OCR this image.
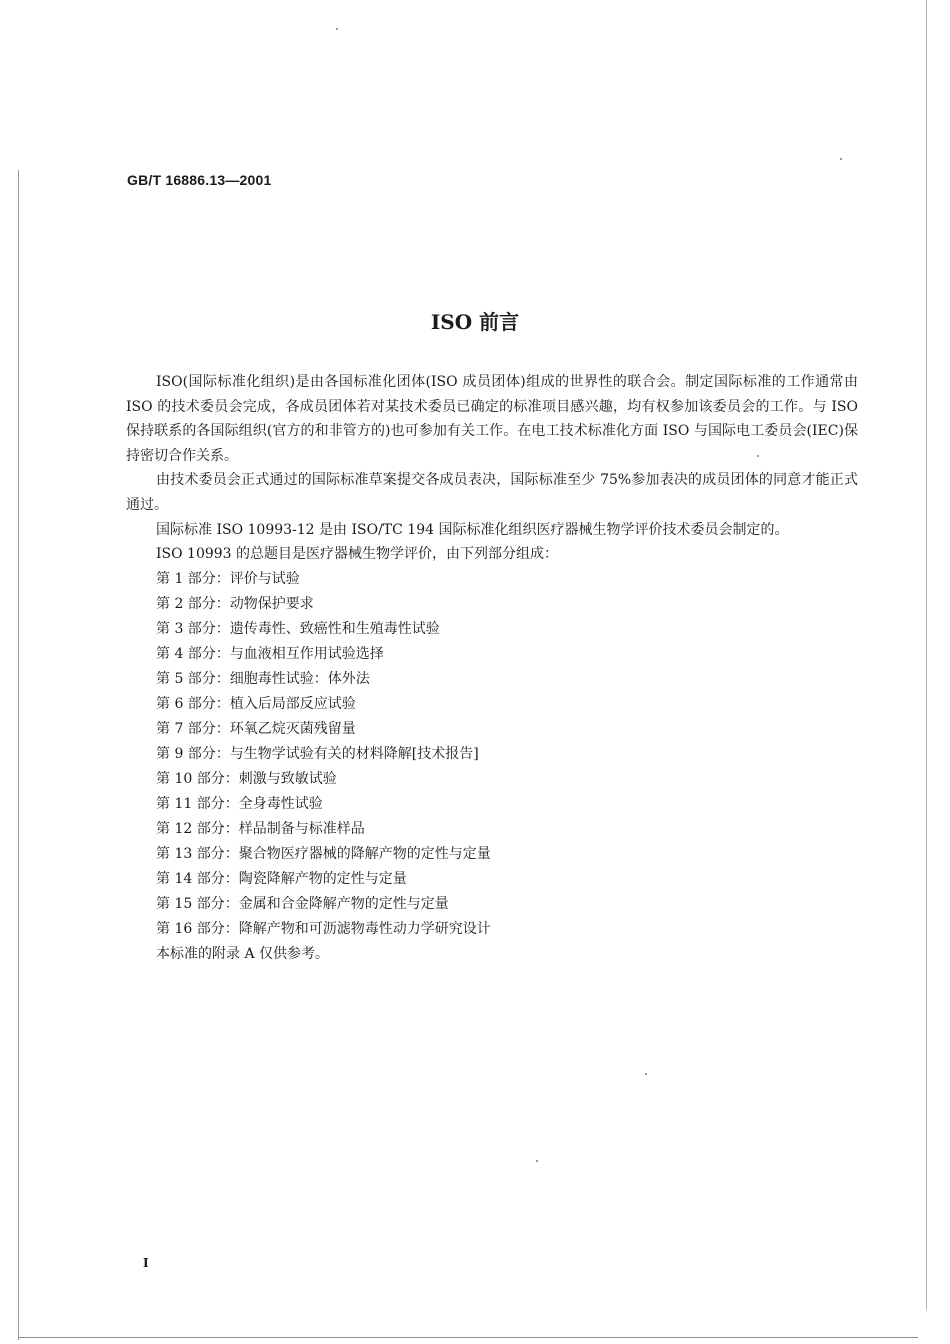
GB/T 16886.13—2001
ISO 前言

ISO(国际标准化组织)是由各国标准化团体(ISO 成员团体)组成的世界性的联合会。制定国际标准的工作通常由 ISO 的技术委员会完成，各成员团体若对某技术委员已确定的标准项目感兴趣，均有权参加该委员会的工作。与 ISO 保持联系的各国际组织(官方的和非管方的)也可参加有关工作。在电工技术标准化方面 ISO 与国际电工委员会(IEC)保持密切合作关系。

由技术委员会正式通过的国际标准草案提交各成员表决，国际标准至少 75%参加表决的成员团体的同意才能正式通过。

国际标准 ISO 10993-12 是由 ISO/TC 194 国际标准化组织医疗器械生物学评价技术委员会制定的。

ISO 10993 的总题目是医疗器械生物学评价，由下列部分组成：

第 1 部分：评价与试验
第 2 部分：动物保护要求
第 3 部分：遗传毒性、致癌性和生殖毒性试验
第 4 部分：与血液相互作用试验选择
第 5 部分：细胞毒性试验：体外法
第 6 部分：植入后局部反应试验
第 7 部分：环氧乙烷灭菌残留量
第 9 部分：与生物学试验有关的材料降解[技术报告]
第 10 部分：刺激与致敏试验
第 11 部分：全身毒性试验
第 12 部分：样品制备与标准样品
第 13 部分：聚合物医疗器械的降解产物的定性与定量
第 14 部分：陶瓷降解产物的定性与定量
第 15 部分：金属和合金降解产物的定性与定量
第 16 部分：降解产物和可沥滤物毒性动力学研究设计

本标准的附录 A 仅供参考。

I
